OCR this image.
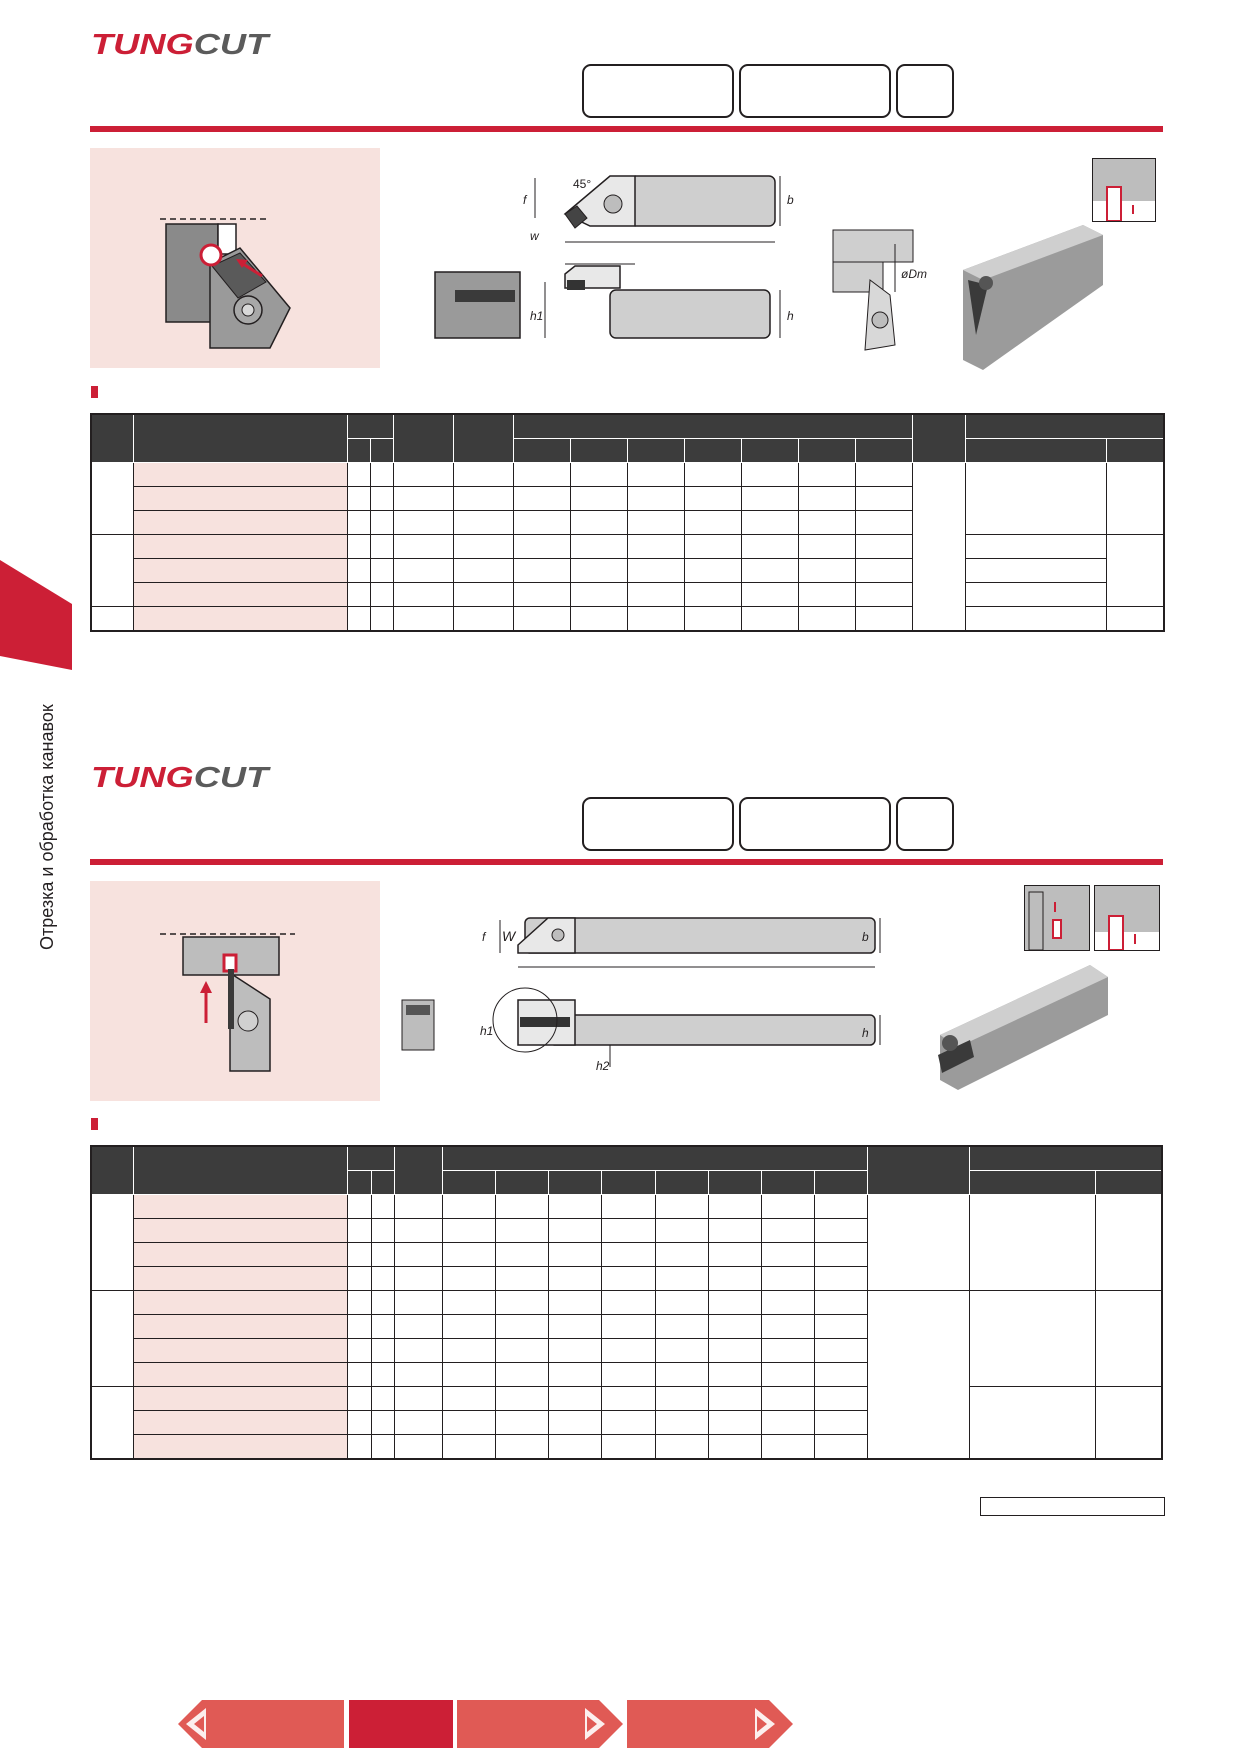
TUNGCUT
45°
f
w
b
h1	h
øDm

Отрезка и обработка канавок TUNGCUT
f W	b
h1	h
h2
